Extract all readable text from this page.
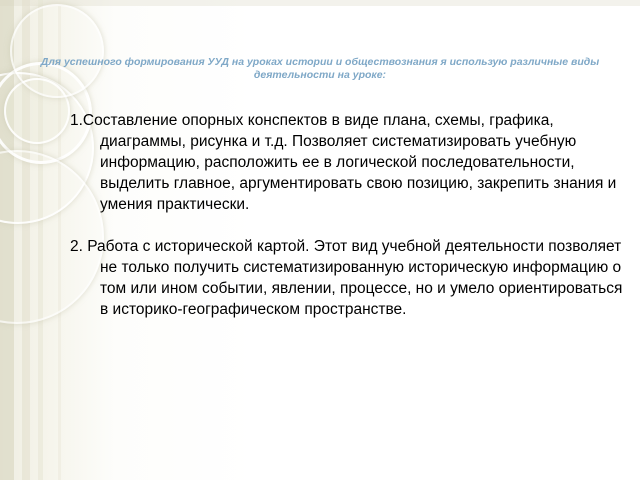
Для успешного формирования УУД на уроках истории и обществознания я использую различные виды деятельности на уроке:

1.Составление опорных конспектов в виде плана, схемы, графика, диаграммы, рисунка и т.д. Позволяет систематизировать учебную информацию, расположить ее в логической последовательности, выделить главное, аргументировать свою позицию, закрепить знания и умения практически.

2. Работа с исторической картой. Этот вид учебной деятельности позволяет не только получить систематизированную историческую информацию о том или ином событии, явлении, процессе, но и умело ориентироваться в историко-географическом пространстве.
